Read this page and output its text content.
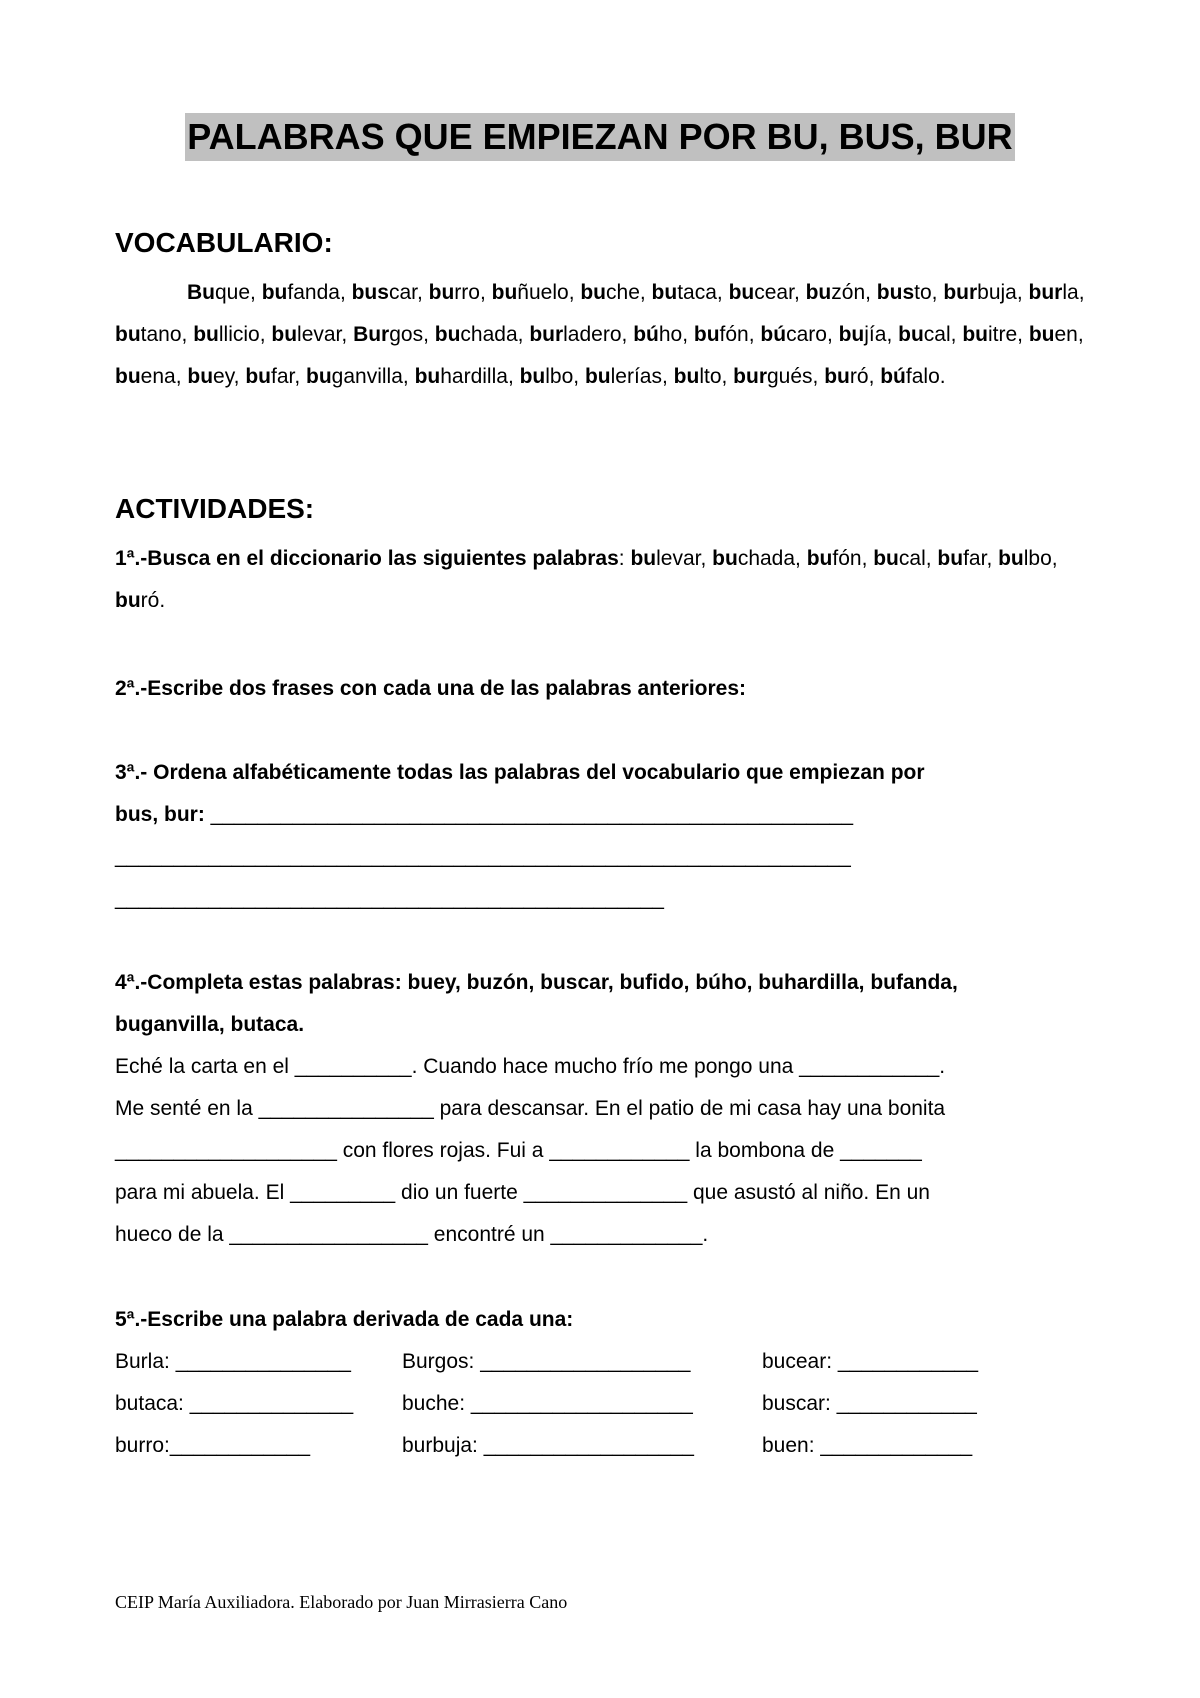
PALABRAS QUE EMPIEZAN POR BU, BUS, BUR
VOCABULARIO:
Buque, bufanda, buscar, burro, buñuelo, buche, butaca, bucear, buzón, busto, burbuja, burla, butano, bullicio, bulevar, Burgos, buchada, burladero, búho, bufón, búcaro, bujía, bucal, buitre, buen, buena, buey, bufar, buganvilla, buhardilla, bulbo, bulerías, bulto, burgués, buró, búfalo.
ACTIVIDADES:
1ª.-Busca en el diccionario las siguientes palabras: bulevar, buchada, bufón, bucal, bufar, bulbo, buró.
2ª.-Escribe dos frases con cada una de las palabras anteriores:
3ª.- Ordena alfabéticamente todas las palabras del vocabulario que empiezan por
bus, bur: _______________________________________________________
_______________________________________________________________
_______________________________________________
4ª.-Completa estas palabras: buey, buzón, buscar, bufido, búho, buhardilla, bufanda,
buganvilla, butaca.
Eché la carta en el __________. Cuando hace mucho frío me pongo una ____________.
Me senté en la _______________ para descansar. En el patio de mi casa hay una bonita
___________________ con flores rojas. Fui a ____________ la bombona de _______
para mi abuela. El _________ dio un fuerte ______________ que asustó al niño. En un
hueco de la _________________ encontré un _____________.
5ª.-Escribe una palabra derivada de cada una:
Burla: _______________ Burgos: __________________	bucear: ____________
butaca: ______________ buche: ___________________	buscar: ____________
burro:____________	burbuja: __________________	buen: _____________
CEIP María Auxiliadora. Elaborado por Juan Mirrasierra Cano
